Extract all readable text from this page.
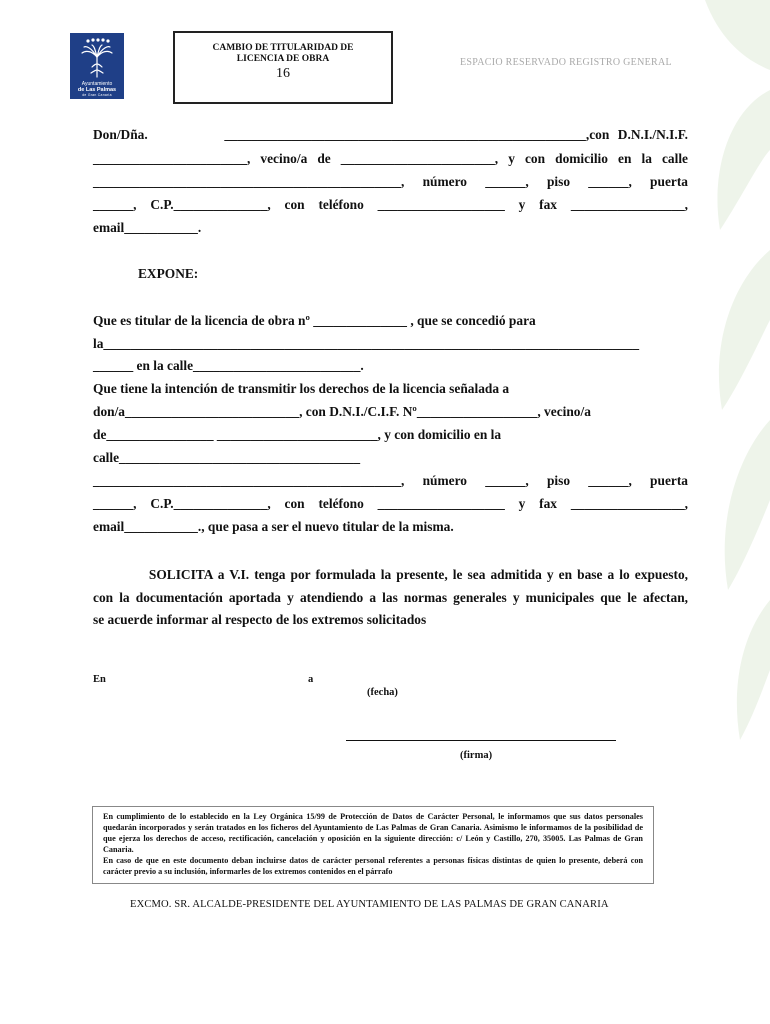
Ayuntamiento
de Las Palmas
de Gran Canaria
CAMBIO DE TITULARIDAD DE
LICENCIA DE OBRA
16
ESPACIO RESERVADO REGISTRO GENERAL
Don/Dña.         ______________________________________________________,con D.N.I./N.I.F.
_______________________, vecino/a de _______________________, y con domicilio en la calle
______________________________________________, número ______, piso ______, puerta
______, C.P.______________, con teléfono ___________________ y fax _________________,
email___________.
EXPONE:
Que es titular de la licencia de obra nº ______________ , que se concedió para
la________________________________________________________________________________
______ en la calle_________________________.
Que tiene la intención de transmitir los derechos de la licencia señalada a
don/a__________________________, con D.N.I./C.I.F. Nº__________________, vecino/a
de________________ ________________________, y con domicilio en la
calle____________________________________
______________________________________________, número ______, piso ______, puerta
______, C.P.______________, con teléfono ___________________ y fax _________________,
email___________., que pasa a ser el nuevo titular de la misma.
SOLICITA a V.I. tenga por formulada la presente, le sea admitida y en base a lo expuesto,
con la documentación aportada y atendiendo a las normas generales y municipales que le afectan,
se acuerde informar al respecto de los extremos solicitados
En	a
(fecha)
(firma)

En cumplimiento de lo establecido en la Ley Orgánica 15/99 de Protección de Datos de Carácter Personal, le informamos que sus datos personales quedarán incorporados y serán tratados en los ficheros del Ayuntamiento de Las Palmas de Gran Canaria. Asimismo le informamos de la posibilidad de que ejerza los derechos de acceso, rectificación, cancelación y oposición en la siguiente dirección: c/ León y Castillo, 270, 35005. Las Palmas de Gran Canaria.

En caso de que en este documento deban incluirse datos de carácter personal referentes a personas físicas distintas de quien lo presente, deberá con carácter previo a su inclusión, informarles de los extremos contenidos en el párrafo

EXCMO. SR. ALCALDE-PRESIDENTE DEL AYUNTAMIENTO DE LAS PALMAS DE GRAN CANARIA
